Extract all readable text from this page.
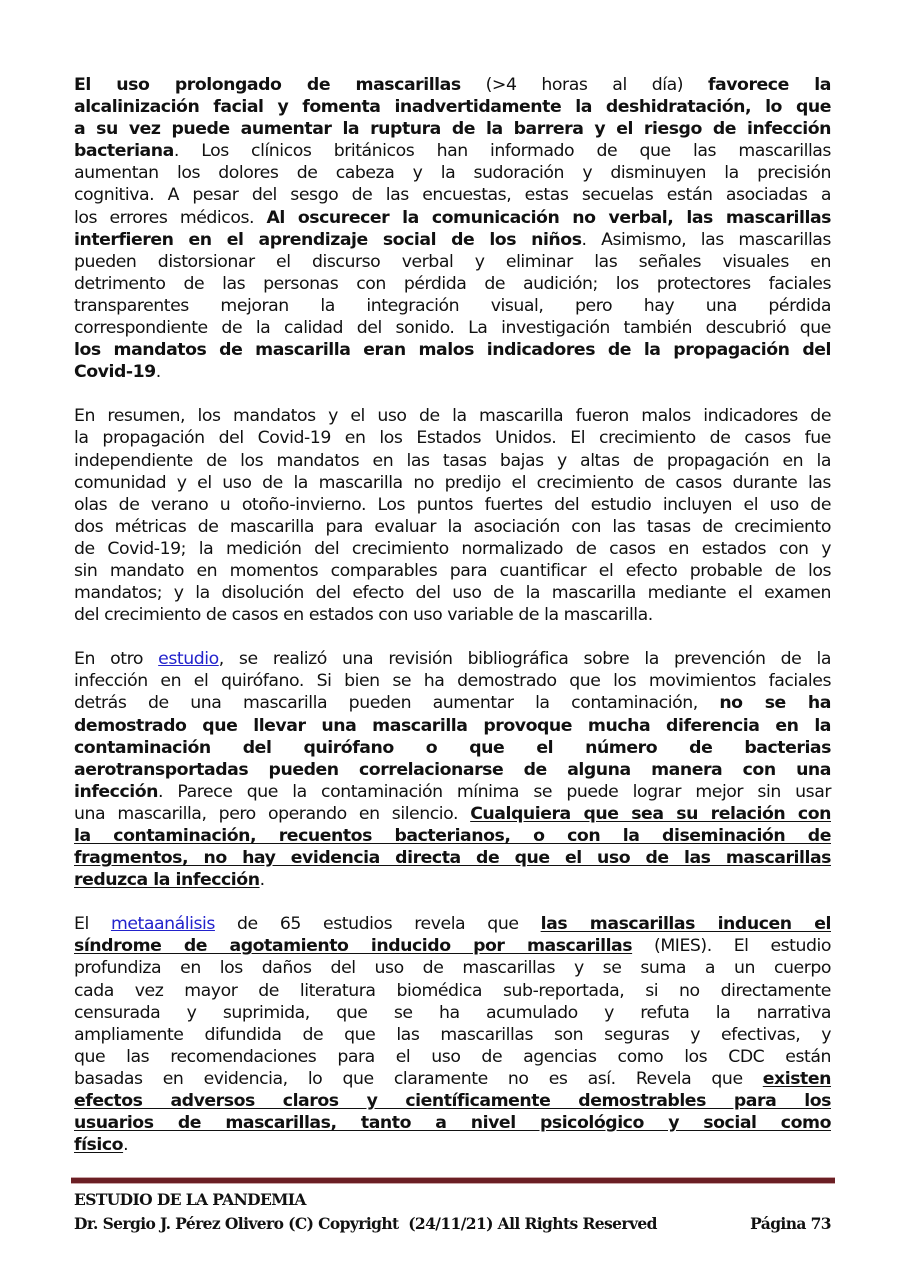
El uso prolongado de mascarillas (>4 horas al día) favorece la
alcalinización facial y fomenta inadvertidamente la deshidratación, lo que
a su vez puede aumentar la ruptura de la barrera y el riesgo de infección
bacteriana. Los clínicos británicos han informado de que las mascarillas
aumentan los dolores de cabeza y la sudoración y disminuyen la precisión
cognitiva. A pesar del sesgo de las encuestas, estas secuelas están asociadas a
los errores médicos. Al oscurecer la comunicación no verbal, las mascarillas
interfieren en el aprendizaje social de los niños. Asimismo, las mascarillas
pueden distorsionar el discurso verbal y eliminar las señales visuales en
detrimento de las personas con pérdida de audición; los protectores faciales
transparentes mejoran la integración visual, pero hay una pérdida
correspondiente de la calidad del sonido. La investigación también descubrió que
los mandatos de mascarilla eran malos indicadores de la propagación del
Covid-19.
En resumen, los mandatos y el uso de la mascarilla fueron malos indicadores de
la propagación del Covid-19 en los Estados Unidos. El crecimiento de casos fue
independiente de los mandatos en las tasas bajas y altas de propagación en la
comunidad y el uso de la mascarilla no predijo el crecimiento de casos durante las
olas de verano u otoño-invierno. Los puntos fuertes del estudio incluyen el uso de
dos métricas de mascarilla para evaluar la asociación con las tasas de crecimiento
de Covid-19; la medición del crecimiento normalizado de casos en estados con y
sin mandato en momentos comparables para cuantificar el efecto probable de los
mandatos; y la disolución del efecto del uso de la mascarilla mediante el examen
del crecimiento de casos en estados con uso variable de la mascarilla.
En otro estudio, se realizó una revisión bibliográfica sobre la prevención de la
infección en el quirófano. Si bien se ha demostrado que los movimientos faciales
detrás de una mascarilla pueden aumentar la contaminación, no se ha
demostrado que llevar una mascarilla provoque mucha diferencia en la
contaminación del quirófano o que el número de bacterias
aerotransportadas pueden correlacionarse de alguna manera con una
infección. Parece que la contaminación mínima se puede lograr mejor sin usar
una mascarilla, pero operando en silencio. Cualquiera que sea su relación con
la contaminación, recuentos bacterianos, o con la diseminación de
fragmentos, no hay evidencia directa de que el uso de las mascarillas
reduzca la infección.
El metaanálisis de 65 estudios revela que las mascarillas inducen el
síndrome de agotamiento inducido por mascarillas (MIES). El estudio
profundiza en los daños del uso de mascarillas y se suma a un cuerpo
cada vez mayor de literatura biomédica sub-reportada, si no directamente
censurada y suprimida, que se ha acumulado y refuta la narrativa
ampliamente difundida de que las mascarillas son seguras y efectivas, y
que las recomendaciones para el uso de agencias como los CDC están
basadas en evidencia, lo que claramente no es así. Revela que existen
efectos adversos claros y científicamente demostrables para los
usuarios de mascarillas, tanto a nivel psicológico y social como
físico.
ESTUDIO DE LA PANDEMIA
Dr. Sergio J. Pérez Olivero (C) Copyright  (24/11/21) All Rights Reserved	Página 73
